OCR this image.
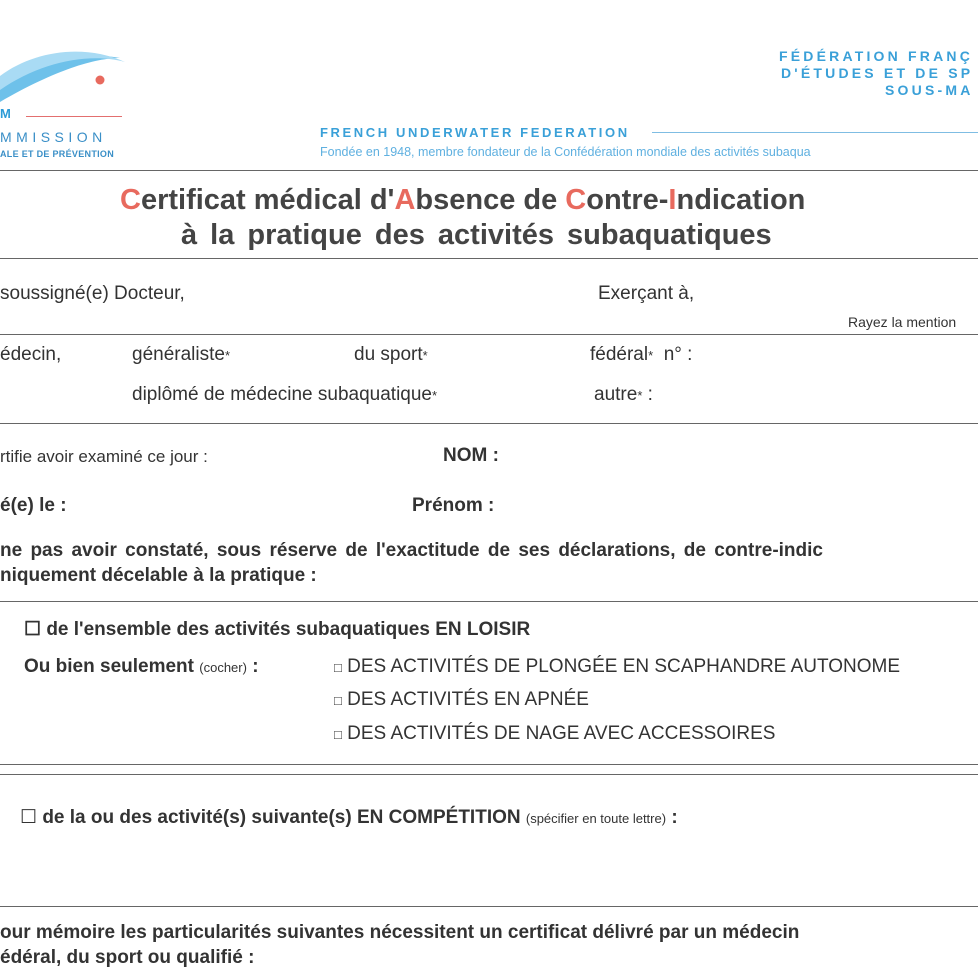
M
MMISSION
ALE ET DE PRÉVENTION
FÉDÉRATION FRANÇ
D'ÉTUDES ET DE SP
SOUS-MA
FRENCH UNDERWATER FEDERATION
Fondée en 1948, membre fondateur de la Confédération mondiale des activités subaqua
Certificat médical d'Absence de Contre-Indication
à la pratique des activités subaquatiques
soussigné(e) Docteur,	Exerçant à,
Rayez la mention
édecin,	généraliste*	du sport*	fédéral* n° :
diplômé de médecine subaquatique*	autre* :
rtifie avoir examiné ce jour :	NOM :
é(e) le :	Prénom :
ne pas avoir constaté, sous réserve de l'exactitude de ses déclarations, de contre-indic
niquement décelable à la pratique :
☐ de l'ensemble des activités subaquatiques EN LOISIR
Ou bien seulement (cocher) :	□ DES ACTIVITÉS DE PLONGÉE EN SCAPHANDRE AUTONOME
□ DES ACTIVITÉS EN APNÉE
□ DES ACTIVITÉS DE NAGE AVEC ACCESSOIRES
☐ de la ou des activité(s) suivante(s) EN COMPÉTITION (spécifier en toute lettre) :
our mémoire les particularités suivantes nécessitent un certificat délivré par un médecin
édéral, du sport ou qualifié :
